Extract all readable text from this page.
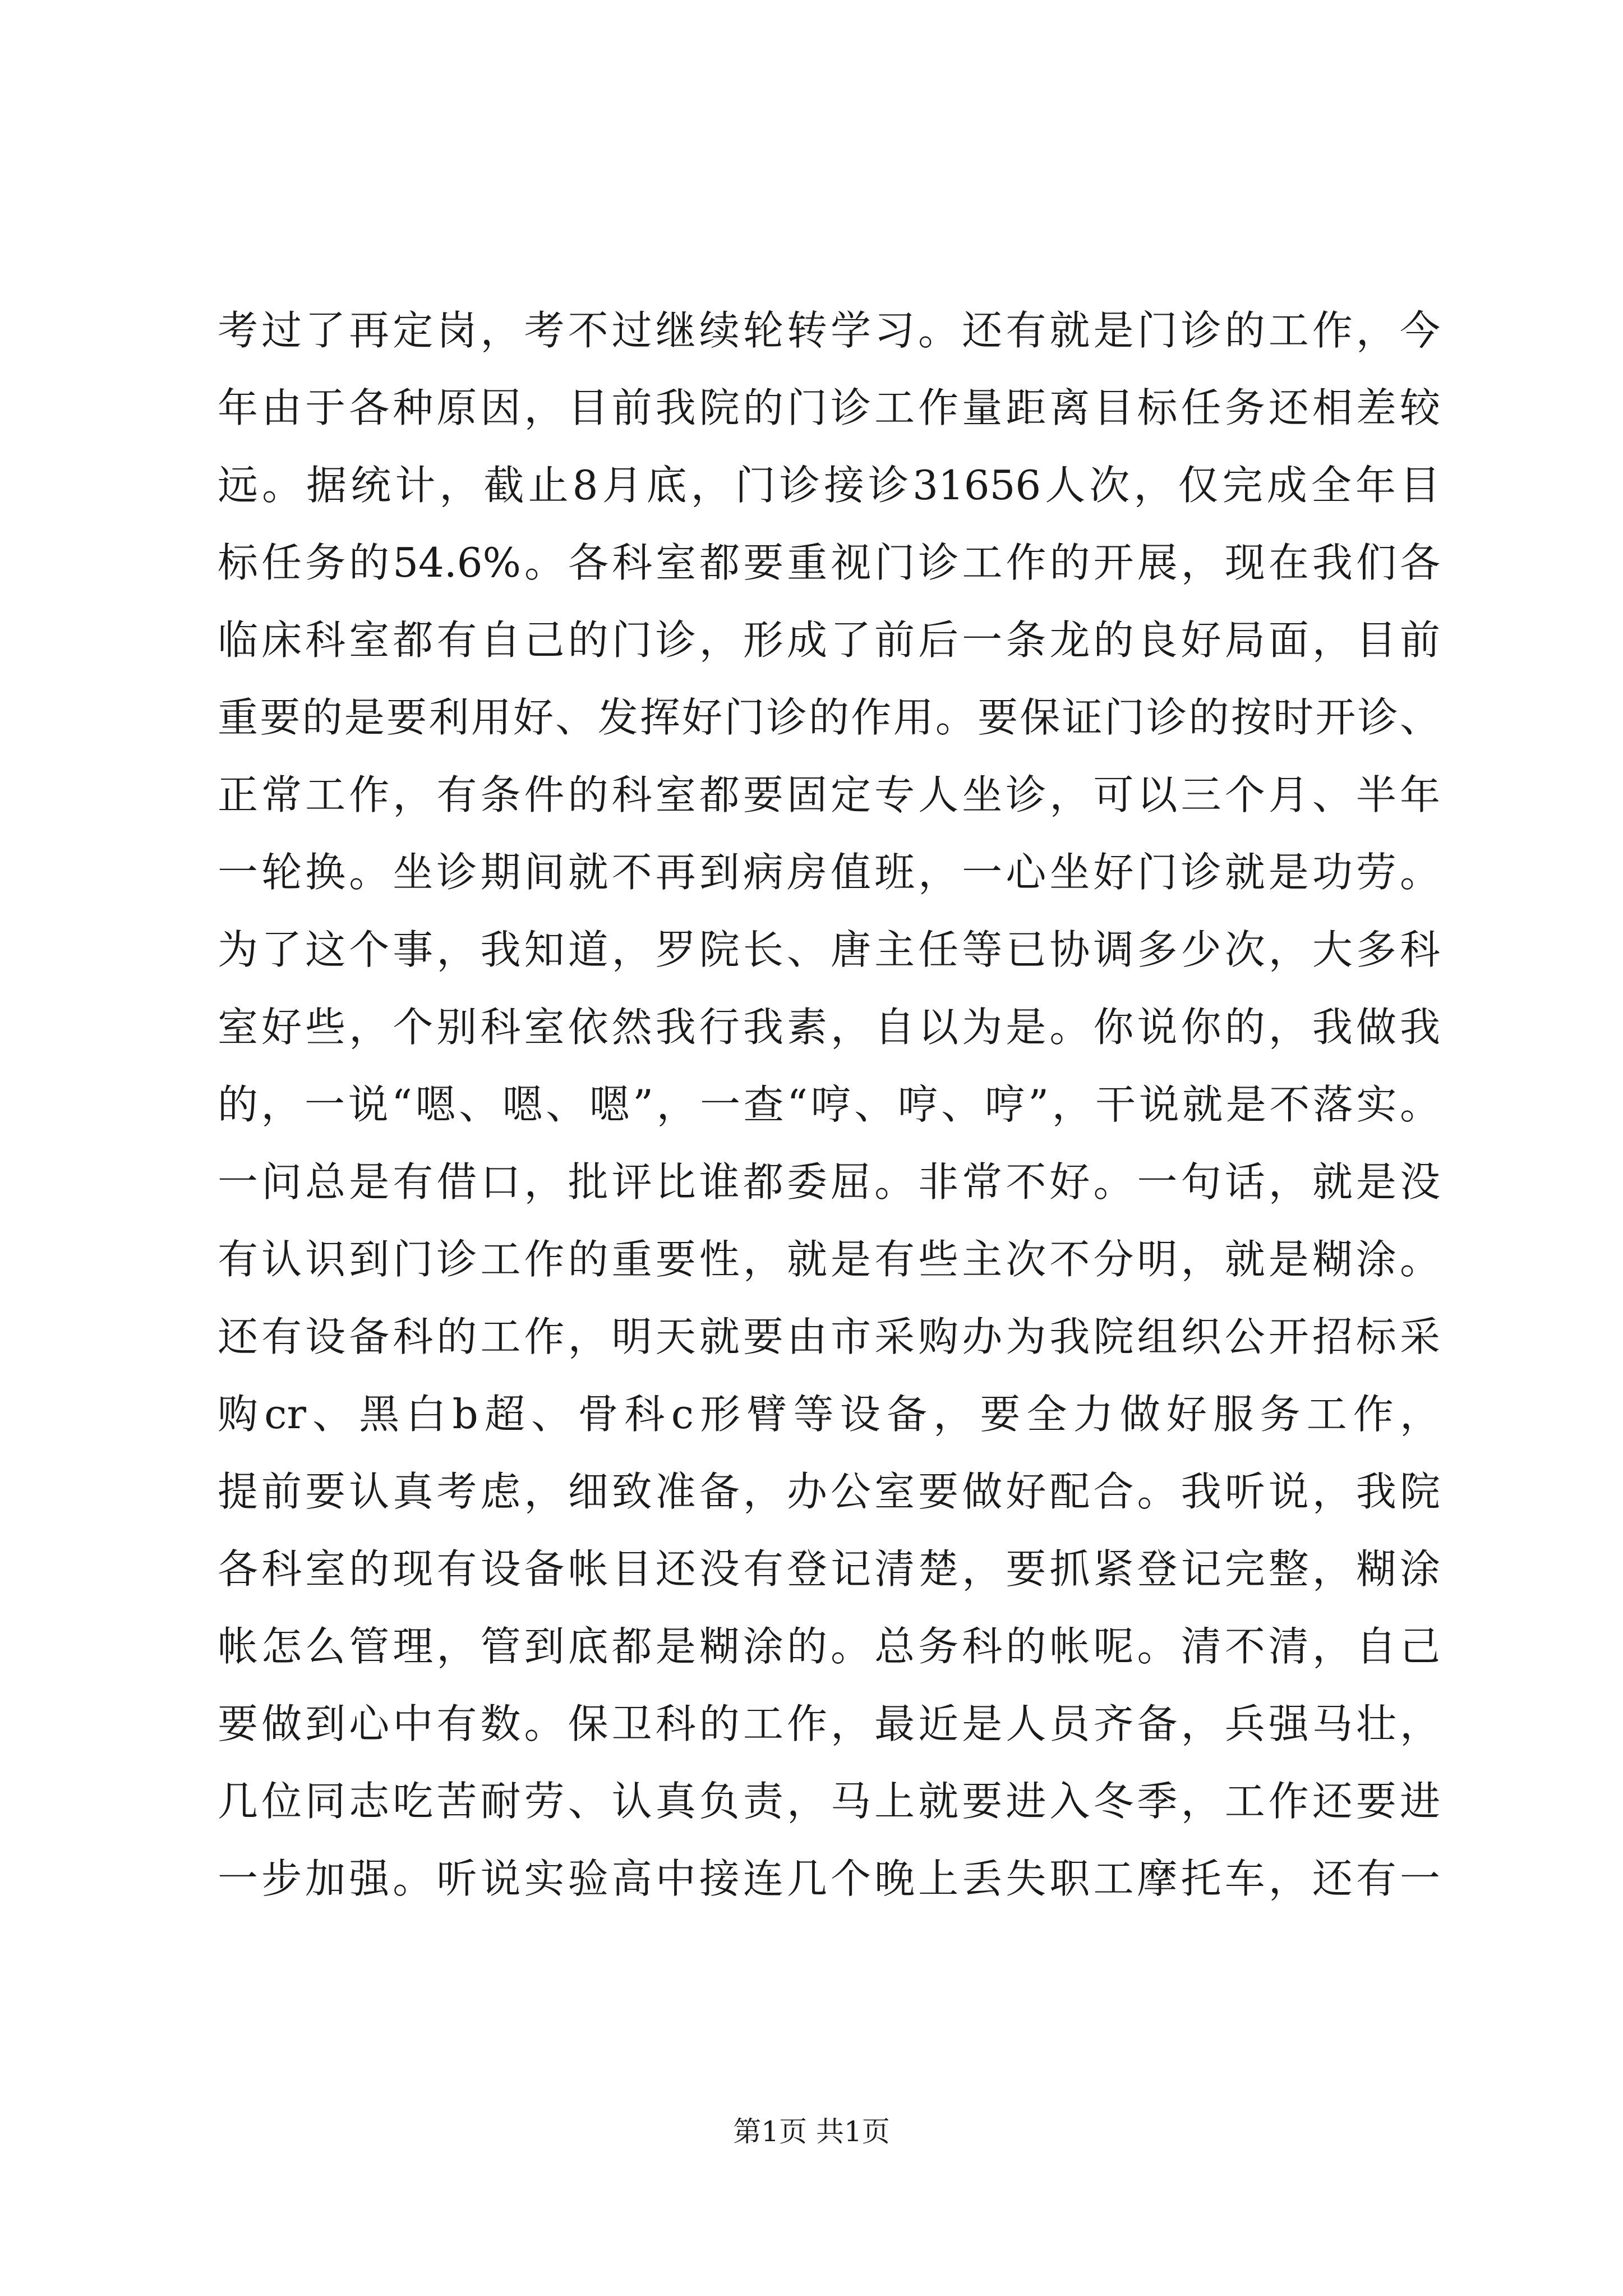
考过了再定岗，考不过继续轮转学习。还有就是门诊的工作，今
年由于各种原因，目前我院的门诊工作量距离目标任务还相差较
远。据统计，截止8月底，门诊接诊31656人次，仅完成全年目
标任务的54.6%。各科室都要重视门诊工作的开展，现在我们各
临床科室都有自己的门诊，形成了前后一条龙的良好局面，目前
重要的是要利用好、发挥好门诊的作用。要保证门诊的按时开诊、
正常工作，有条件的科室都要固定专人坐诊，可以三个月、半年
一轮换。坐诊期间就不再到病房值班，一心坐好门诊就是功劳。
为了这个事，我知道，罗院长、唐主任等已协调多少次，大多科
室好些，个别科室依然我行我素，自以为是。你说你的，我做我
的，一说“嗯、嗯、嗯”，一查“哼、哼、哼”，干说就是不落实。
一问总是有借口，批评比谁都委屈。非常不好。一句话，就是没
有认识到门诊工作的重要性，就是有些主次不分明，就是糊涂。
还有设备科的工作，明天就要由市采购办为我院组织公开招标采
购cr、黑白b超、骨科c形臂等设备，要全力做好服务工作，
提前要认真考虑，细致准备，办公室要做好配合。我听说，我院
各科室的现有设备帐目还没有登记清楚，要抓紧登记完整，糊涂
帐怎么管理，管到底都是糊涂的。总务科的帐呢。清不清，自己
要做到心中有数。保卫科的工作，最近是人员齐备，兵强马壮，
几位同志吃苦耐劳、认真负责，马上就要进入冬季，工作还要进
一步加强。听说实验高中接连几个晚上丢失职工摩托车，还有一
第1页 共1页
